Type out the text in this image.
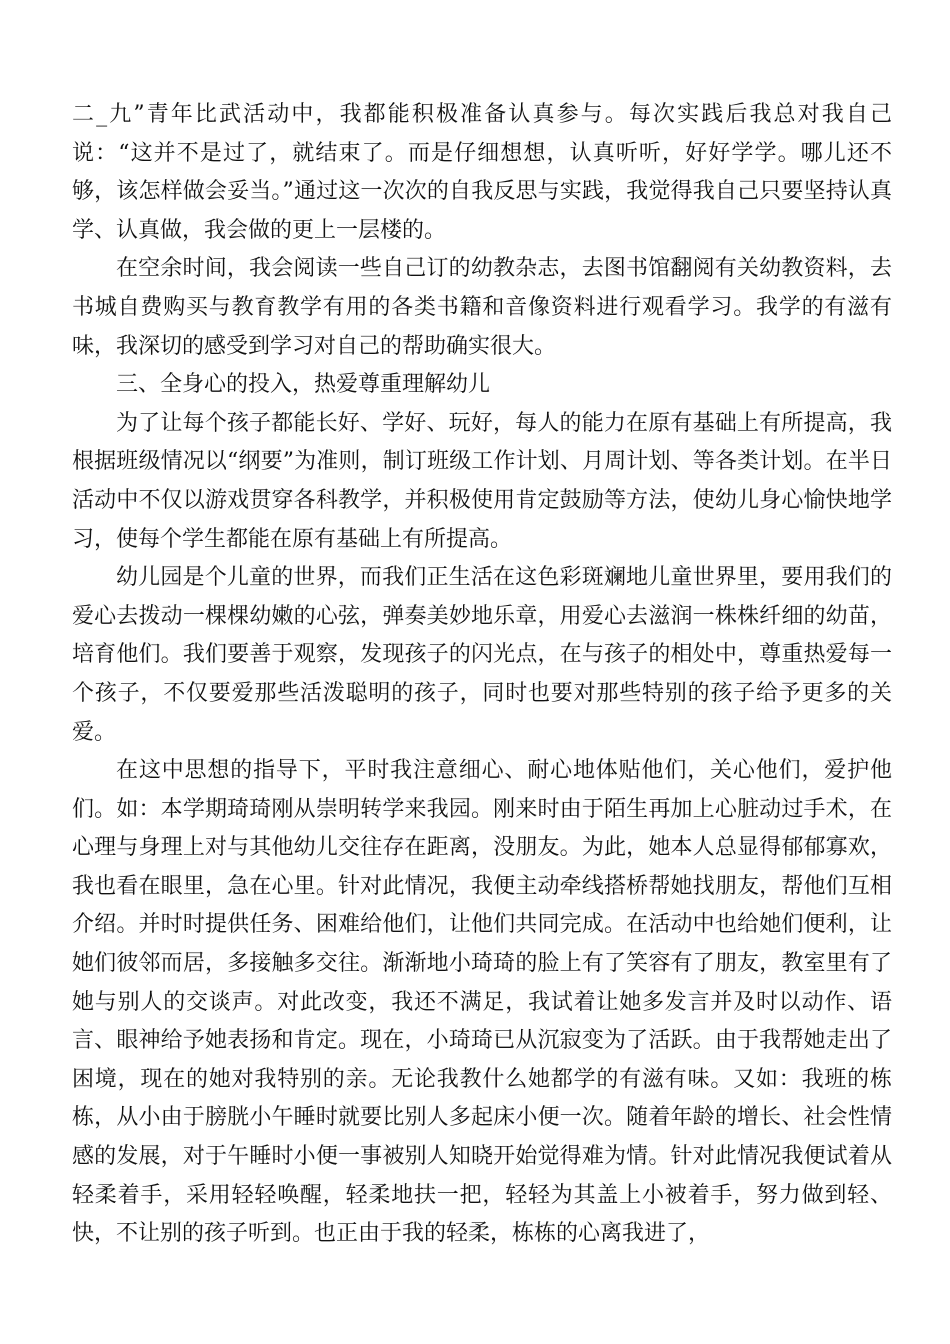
二_九”青年比武活动中，我都能积极准备认真参与。每次实践后我总对我自己说：“这并不是过了，就结束了。而是仔细想想，认真听听，好好学学。哪儿还不够，该怎样做会妥当。”通过这一次次的自我反思与实践，我觉得我自己只要坚持认真学、认真做，我会做的更上一层楼的。

在空余时间，我会阅读一些自己订的幼教杂志，去图书馆翻阅有关幼教资料，去书城自费购买与教育教学有用的各类书籍和音像资料进行观看学习。我学的有滋有味，我深切的感受到学习对自己的帮助确实很大。

三、全身心的投入，热爱尊重理解幼儿

为了让每个孩子都能长好、学好、玩好，每人的能力在原有基础上有所提高，我根据班级情况以“纲要”为准则，制订班级工作计划、月周计划、等各类计划。在半日活动中不仅以游戏贯穿各科教学，并积极使用肯定鼓励等方法，使幼儿身心愉快地学习，使每个学生都能在原有基础上有所提高。

幼儿园是个儿童的世界，而我们正生活在这色彩斑斓地儿童世界里，要用我们的爱心去拨动一棵棵幼嫩的心弦，弹奏美妙地乐章，用爱心去滋润一株株纤细的幼苗，培育他们。我们要善于观察，发现孩子的闪光点，在与孩子的相处中，尊重热爱每一个孩子，不仅要爱那些活泼聪明的孩子，同时也要对那些特别的孩子给予更多的关爱。

在这中思想的指导下，平时我注意细心、耐心地体贴他们，关心他们，爱护他们。如：本学期琦琦刚从崇明转学来我园。刚来时由于陌生再加上心脏动过手术，在心理与身理上对与其他幼儿交往存在距离，没朋友。为此，她本人总显得郁郁寡欢，我也看在眼里，急在心里。针对此情况，我便主动牵线搭桥帮她找朋友，帮他们互相介绍。并时时提供任务、困难给他们，让他们共同完成。在活动中也给她们便利，让她们彼邻而居，多接触多交往。渐渐地小琦琦的脸上有了笑容有了朋友，教室里有了她与别人的交谈声。对此改变，我还不满足，我试着让她多发言并及时以动作、语言、眼神给予她表扬和肯定。现在，小琦琦已从沉寂变为了活跃。由于我帮她走出了困境，现在的她对我特别的亲。无论我教什么她都学的有滋有味。又如：我班的栋栋，从小由于膀胱小午睡时就要比别人多起床小便一次。随着年龄的增长、社会性情感的发展，对于午睡时小便一事被别人知晓开始觉得难为情。针对此情况我便试着从轻柔着手，采用轻轻唤醒，轻柔地扶一把，轻轻为其盖上小被着手，努力做到轻、快，不让别的孩子听到。也正由于我的轻柔，栋栋的心离我进了，
